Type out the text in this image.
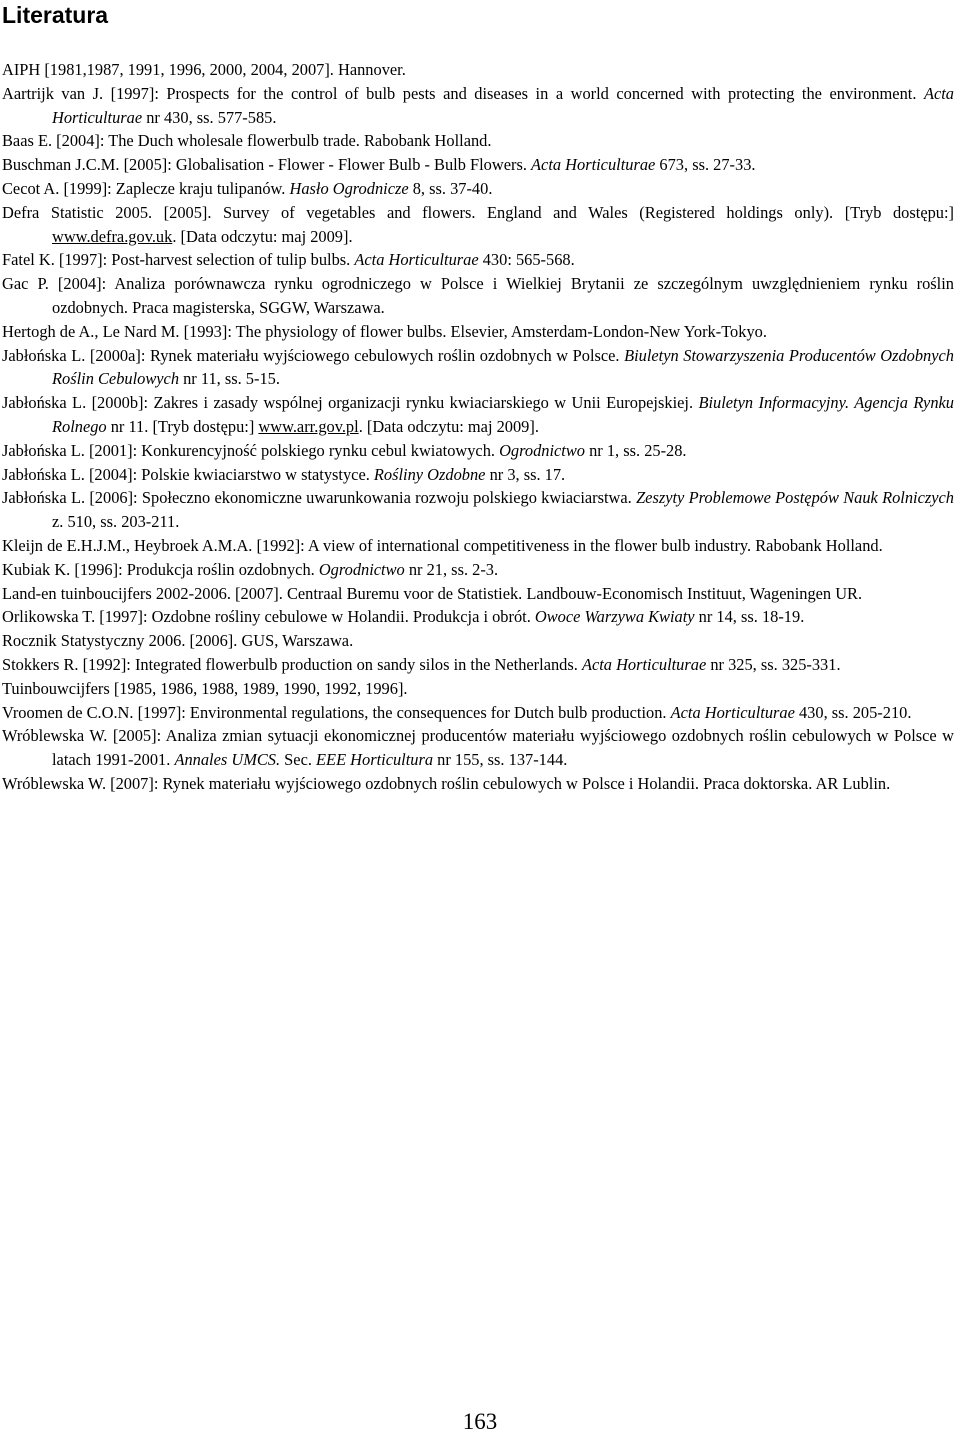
Literatura
AIPH [1981,1987, 1991, 1996, 2000, 2004, 2007]. Hannover.
Aartrijk van J. [1997]: Prospects for the control of bulb pests and diseases in a world concerned with protecting the environment. Acta Horticulturae nr 430, ss. 577-585.
Baas E. [2004]: The Duch wholesale flowerbulb trade. Rabobank Holland.
Buschman J.C.M. [2005]: Globalisation - Flower - Flower Bulb - Bulb Flowers. Acta Horticulturae 673, ss. 27-33.
Cecot A. [1999]: Zaplecze kraju tulipanów. Hasło Ogrodnicze 8, ss. 37-40.
Defra Statistic 2005. [2005]. Survey of vegetables and flowers. England and Wales (Registered holdings only). [Tryb dostępu:] www.defra.gov.uk. [Data odczytu: maj 2009].
Fatel K. [1997]: Post-harvest selection of tulip bulbs. Acta Horticulturae 430: 565-568.
Gac P. [2004]: Analiza porównawcza rynku ogrodniczego w Polsce i Wielkiej Brytanii ze szczególnym uwzględnieniem rynku roślin ozdobnych. Praca magisterska, SGGW, Warszawa.
Hertogh de A., Le Nard M. [1993]: The physiology of flower bulbs. Elsevier, Amsterdam-London-New York-Tokyo.
Jabłońska L. [2000a]: Rynek materiału wyjściowego cebulowych roślin ozdobnych w Polsce. Biuletyn Stowarzyszenia Producentów Ozdobnych Roślin Cebulowych nr 11, ss. 5-15.
Jabłońska L. [2000b]: Zakres i zasady wspólnej organizacji rynku kwiaciarskiego w Unii Europejskiej. Biuletyn Informacyjny. Agencja Rynku Rolnego nr 11. [Tryb dostępu:] www.arr.gov.pl. [Data odczytu: maj 2009].
Jabłońska L. [2001]: Konkurencyjność polskiego rynku cebul kwiatowych. Ogrodnictwo nr 1, ss. 25-28.
Jabłońska L. [2004]: Polskie kwiaciarstwo w statystyce. Rośliny Ozdobne nr 3, ss. 17.
Jabłońska L. [2006]: Społeczno ekonomiczne uwarunkowania rozwoju polskiego kwiaciarstwa. Zeszyty Problemowe Postępów Nauk Rolniczych z. 510, ss. 203-211.
Kleijn de E.H.J.M., Heybroek A.M.A. [1992]: A view of international competitiveness in the flower bulb industry. Rabobank Holland.
Kubiak K. [1996]: Produkcja roślin ozdobnych. Ogrodnictwo nr 21, ss. 2-3.
Land-en tuinboucijfers 2002-2006. [2007]. Centraal Buremu voor de Statistiek. Landbouw-Economisch Instituut, Wageningen UR.
Orlikowska T. [1997]: Ozdobne rośliny cebulowe w Holandii. Produkcja i obrót. Owoce Warzywa Kwiaty nr 14, ss. 18-19.
Rocznik Statystyczny 2006. [2006]. GUS, Warszawa.
Stokkers R. [1992]: Integrated flowerbulb production on sandy silos in the Netherlands. Acta Horticulturae nr 325, ss. 325-331.
Tuinbouwcijfers [1985, 1986, 1988, 1989, 1990, 1992, 1996].
Vroomen de C.O.N. [1997]: Environmental regulations, the consequences for Dutch bulb production. Acta Horticulturae 430, ss. 205-210.
Wróblewska W. [2005]: Analiza zmian sytuacji ekonomicznej producentów materiału wyjściowego ozdobnych roślin cebulowych w Polsce w latach 1991-2001. Annales UMCS. Sec. EEE Horticultura nr 155, ss. 137-144.
Wróblewska W. [2007]: Rynek materiału wyjściowego ozdobnych roślin cebulowych w Polsce i Holandii. Praca doktorska. AR Lublin.
163
